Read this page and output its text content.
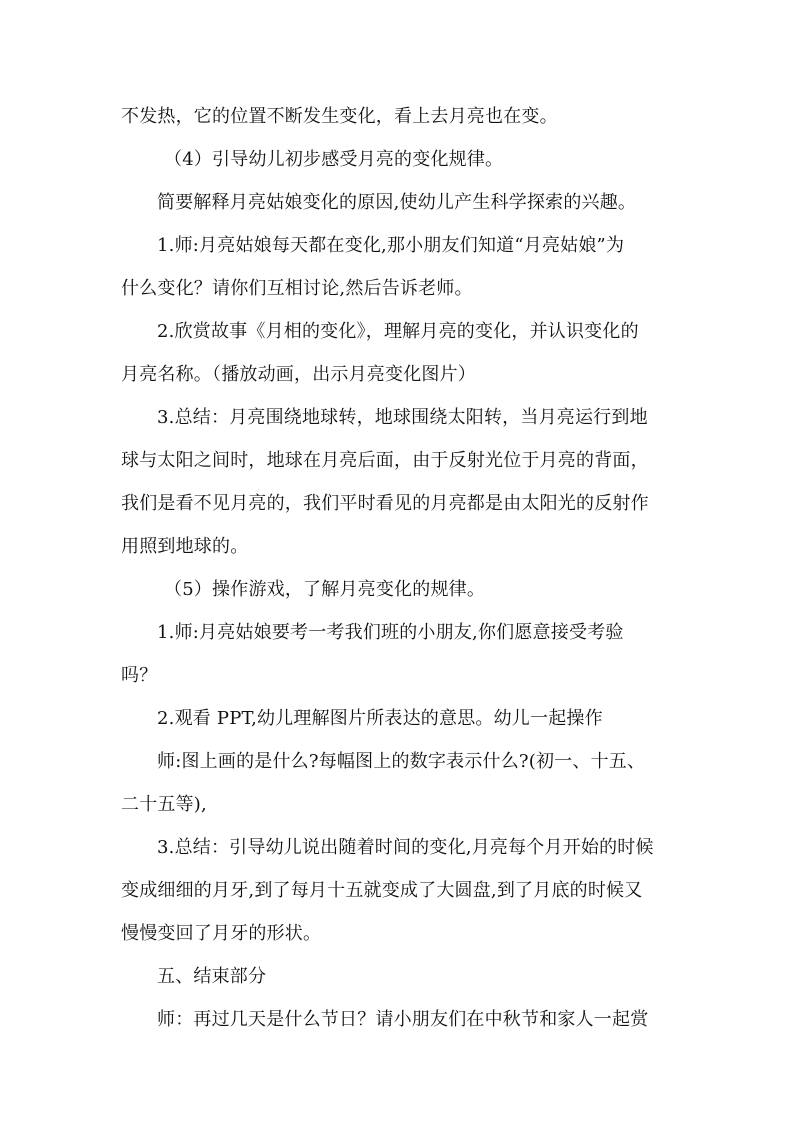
不发热，它的位置不断发生变化，看上去月亮也在变。
（4）引导幼儿初步感受月亮的变化规律。
简要解释月亮姑娘变化的原因,使幼儿产生科学探索的兴趣。
1.师:月亮姑娘每天都在变化,那小朋友们知道“月亮姑娘”为
什么变化？请你们互相讨论,然后告诉老师。
2.欣赏故事《月相的变化》，理解月亮的变化，并认识变化的
月亮名称。（播放动画，出示月亮变化图片）
3.总结：月亮围绕地球转，地球围绕太阳转，当月亮运行到地
球与太阳之间时，地球在月亮后面，由于反射光位于月亮的背面，
我们是看不见月亮的，我们平时看见的月亮都是由太阳光的反射作
用照到地球的。
（5）操作游戏，了解月亮变化的规律。
1.师:月亮姑娘要考一考我们班的小朋友,你们愿意接受考验
吗？
2.观看 PPT,幼儿理解图片所表达的意思。幼儿一起操作
师:图上画的是什么?每幅图上的数字表示什么?(初一、十五、
二十五等),
3.总结：引导幼儿说出随着时间的变化,月亮每个月开始的时候
变成细细的月牙,到了每月十五就变成了大圆盘,到了月底的时候又
慢慢变回了月牙的形状。
五、结束部分
师：再过几天是什么节日？请小朋友们在中秋节和家人一起赏
